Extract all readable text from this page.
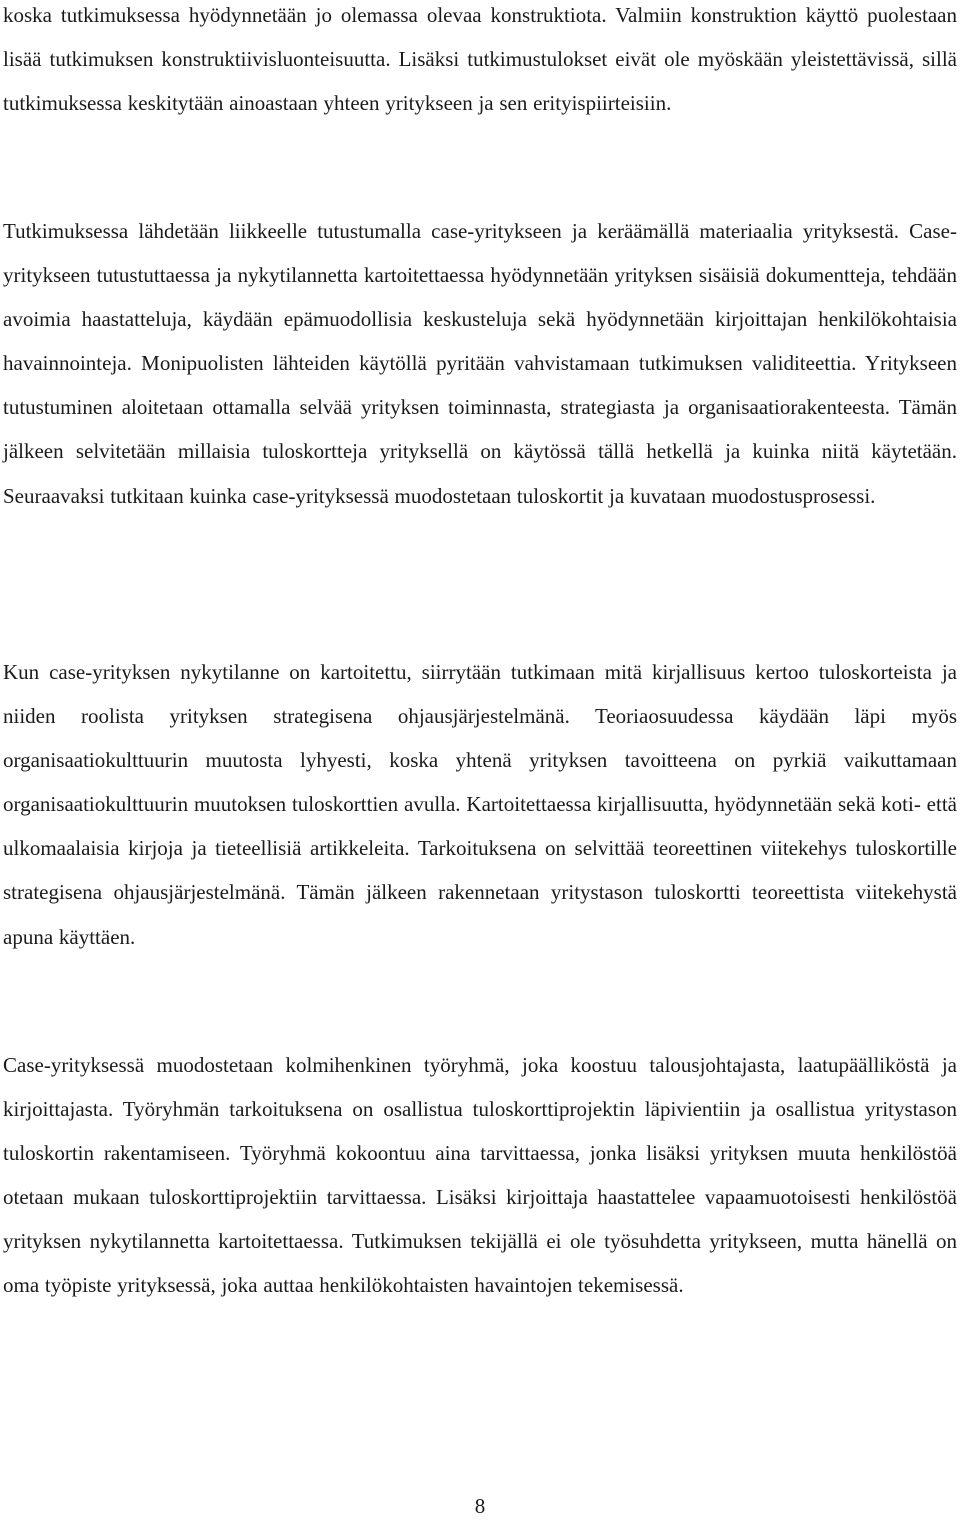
koska tutkimuksessa hyödynnetään jo olemassa olevaa konstruktiota. Valmiin konstruktion käyttö puolestaan lisää tutkimuksen konstruktiivisluonteisuutta. Lisäksi tutkimustulokset eivät ole myöskään yleistettävissä, sillä tutkimuksessa keskitytään ainoastaan yhteen yritykseen ja sen erityispiirteisiin.

Tutkimuksessa lähdetään liikkeelle tutustumalla case-yritykseen ja keräämällä materiaalia yrityksestä. Case-yritykseen tutustuttaessa ja nykytilannetta kartoitettaessa hyödynnetään yrityksen sisäisiä dokumentteja, tehdään avoimia haastatteluja, käydään epämuodollisia keskusteluja sekä hyödynnetään kirjoittajan henkilökohtaisia havainnointeja. Monipuolisten lähteiden käytöllä pyritään vahvistamaan tutkimuksen validiteettia. Yritykseen tutustuminen aloitetaan ottamalla selvää yrityksen toiminnasta, strategiasta ja organisaatiorakenteesta. Tämän jälkeen selvitetään millaisia tuloskortteja yrityksellä on käytössä tällä hetkellä ja kuinka niitä käytetään. Seuraavaksi tutkitaan kuinka case-yrityksessä muodostetaan tuloskortit ja kuvataan muodostusprosessi.

Kun case-yrityksen nykytilanne on kartoitettu, siirrytään tutkimaan mitä kirjallisuus kertoo tuloskorteista ja niiden roolista yrityksen strategisena ohjausjärjestelmänä. Teoriaosuudessa käydään läpi myös organisaatiokulttuurin muutosta lyhyesti, koska yhtenä yrityksen tavoitteena on pyrkiä vaikuttamaan organisaatiokulttuurin muutoksen tuloskorttien avulla. Kartoitettaessa kirjallisuutta, hyödynnetään sekä koti- että ulkomaalaisia kirjoja ja tieteellisiä artikkeleita. Tarkoituksena on selvittää teoreettinen viitekehys tuloskortille strategisena ohjausjärjestelmänä. Tämän jälkeen rakennetaan yritystason tuloskortti teoreettista viitekehystä apuna käyttäen.

Case-yrityksessä muodostetaan kolmihenkinen työryhmä, joka koostuu talousjohtajasta, laatupäälliköstä ja kirjoittajasta. Työryhmän tarkoituksena on osallistua tuloskorttiprojektin läpivientiin ja osallistua yritystason tuloskortin rakentamiseen. Työryhmä kokoontuu aina tarvittaessa, jonka lisäksi yrityksen muuta henkilöstöä otetaan mukaan tuloskorttiprojektiin tarvittaessa. Lisäksi kirjoittaja haastattelee vapaamuotoisesti henkilöstöä yrityksen nykytilannetta kartoitettaessa. Tutkimuksen tekijällä ei ole työsuhdetta yritykseen, mutta hänellä on oma työpiste yrityksessä, joka auttaa henkilökohtaisten havaintojen tekemisessä.

8
